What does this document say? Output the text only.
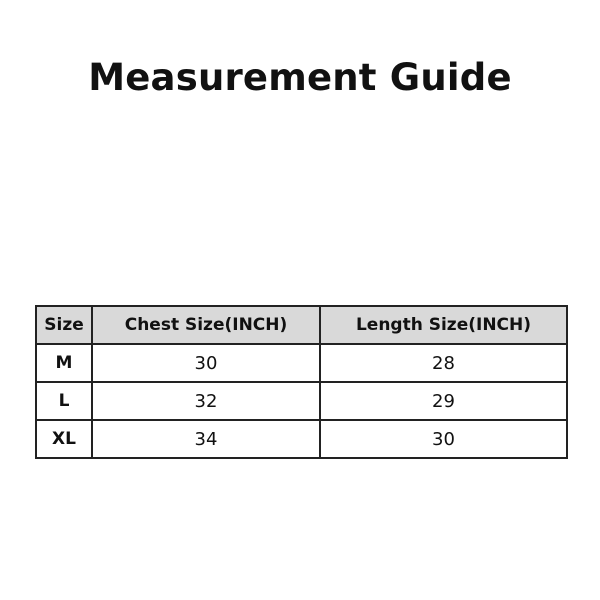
Measurement Guide
Size	Chest Size(INCH)	Length Size(INCH)
M	30	28
L	32	29
XL	34	30
